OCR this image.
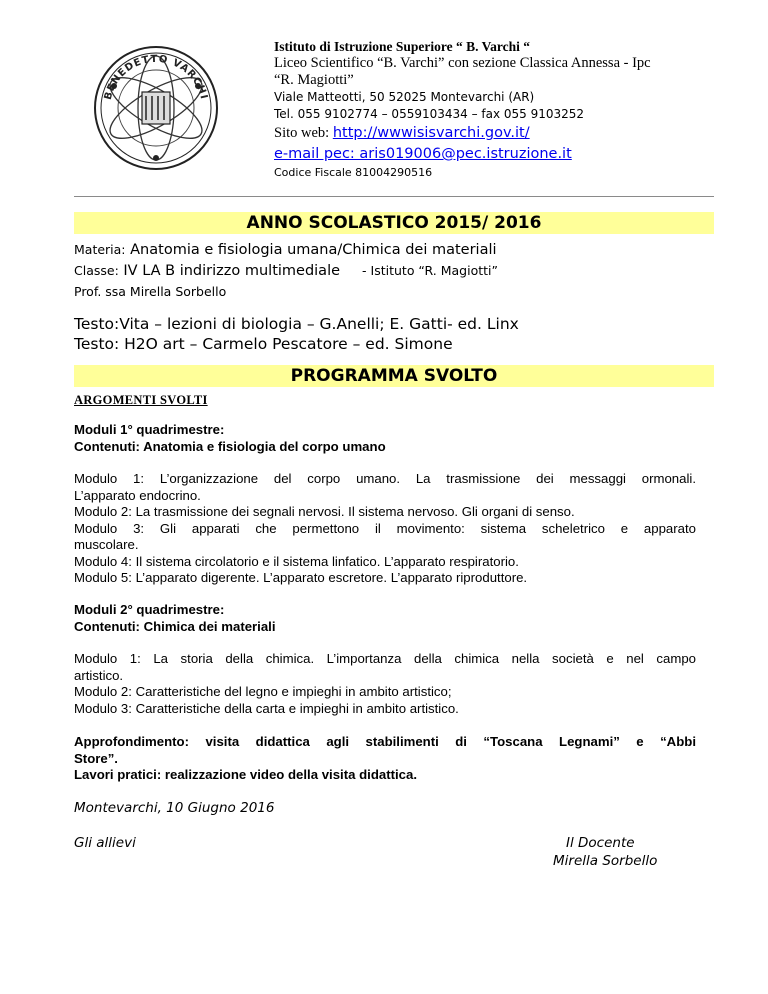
BENEDETTO VARCHI
Istituto di Istruzione Superiore “ B. Varchi “
Liceo Scientifico “B. Varchi” con sezione Classica Annessa - Ipc
“R. Magiotti”
Viale Matteotti, 50 52025 Montevarchi (AR)
Tel. 055 9102774 – 0559103434 – fax 055 9103252
Sito web: http://wwwisisvarchi.gov.it/
e-mail pec: aris019006@pec.istruzione.it
Codice Fiscale 81004290516
ANNO SCOLASTICO 2015/ 2016
Materia: Anatomia e fisiologia umana/Chimica dei materiali
Classe: IV LA B indirizzo multimediale - Istituto “R. Magiotti”
Prof. ssa Mirella Sorbello
Testo:Vita – lezioni di biologia – G.Anelli; E. Gatti- ed. Linx
Testo: H2O art – Carmelo Pescatore – ed. Simone
PROGRAMMA SVOLTO
ARGOMENTI SVOLTI
Moduli 1° quadrimestre:
Contenuti: Anatomia e fisiologia del corpo umano
Modulo 1: L’organizzazione del corpo umano. La trasmissione dei messaggi ormonali.
L’apparato endocrino.
Modulo 2: La trasmissione dei segnali nervosi. Il sistema nervoso. Gli organi di senso.
Modulo 3: Gli apparati che permettono il movimento: sistema scheletrico e apparato
muscolare.
Modulo 4: Il sistema circolatorio e il sistema linfatico. L’apparato respiratorio.
Modulo 5: L’apparato digerente. L’apparato escretore. L’apparato riproduttore.
Moduli 2° quadrimestre:
Contenuti: Chimica dei materiali
Modulo 1: La storia della chimica. L’importanza della chimica nella società e nel campo
artistico.
Modulo 2: Caratteristiche del legno e impieghi in ambito artistico;
Modulo 3: Caratteristiche della carta e impieghi in ambito artistico.
Approfondimento: visita didattica agli stabilimenti di “Toscana Legnami” e “Abbi
Store”.
Lavori pratici: realizzazione video della visita didattica.
Montevarchi, 10 Giugno 2016
Gli allievi	Il Docente
Mirella Sorbello
